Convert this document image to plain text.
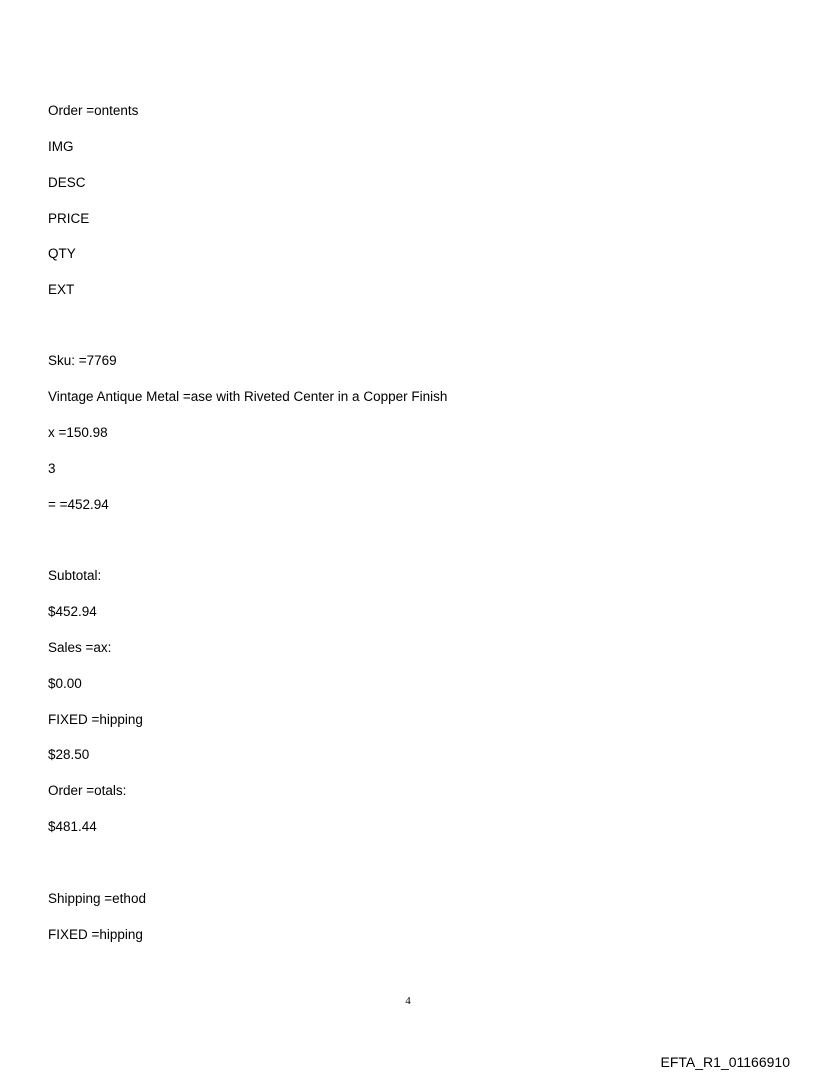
Order =ontents

IMG

DESC

PRICE

QTY

EXT

Sku: =7769

Vintage Antique Metal =ase with Riveted Center in a Copper Finish

x =150.98

3

= =452.94

Subtotal:

$452.94

Sales =ax:

$0.00

FIXED =hipping

$28.50

Order =otals:

$481.44

Shipping =ethod

FIXED =hipping

4
EFTA_R1_01166910
